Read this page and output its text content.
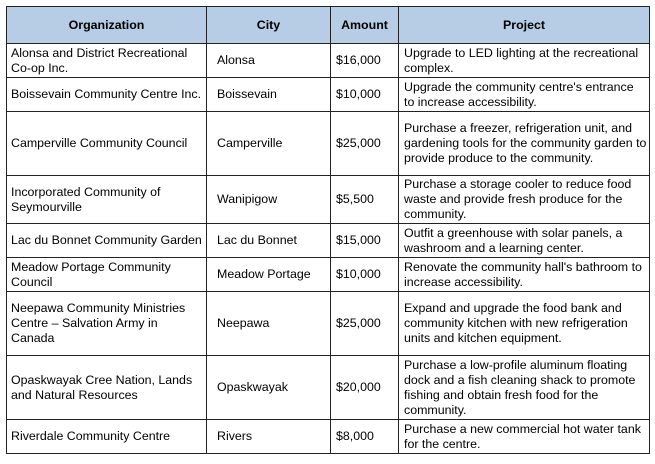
Organization	City	Amount	Project
Alonsa and District Recreational Co-op Inc.	Alonsa	$16,000	Upgrade to LED lighting at the recreational complex.
Boissevain Community Centre Inc.	Boissevain	$10,000	Upgrade the community centre's entrance to increase accessibility.
Camperville Community Council	Camperville	$25,000	Purchase a freezer, refrigeration unit, and gardening tools for the community garden to provide produce to the community.
Incorporated Community of Seymourville	Wanipigow	$5,500	Purchase a storage cooler to reduce food waste and provide fresh produce for the community.
Lac du Bonnet Community Garden	Lac du Bonnet	$15,000	Outfit a greenhouse with solar panels, a washroom and a learning center.
Meadow Portage Community Council	Meadow Portage	$10,000	Renovate the community hall's bathroom to increase accessibility.
Neepawa Community Ministries Centre – Salvation Army in Canada	Neepawa	$25,000	Expand and upgrade the food bank and community kitchen with new refrigeration units and kitchen equipment.
Opaskwayak Cree Nation, Lands and Natural Resources	Opaskwayak	$20,000	Purchase a low-profile aluminum floating dock and a fish cleaning shack to promote fishing and obtain fresh food for the community.
Riverdale Community Centre	Rivers	$8,000	Purchase a new commercial hot water tank for the centre.
